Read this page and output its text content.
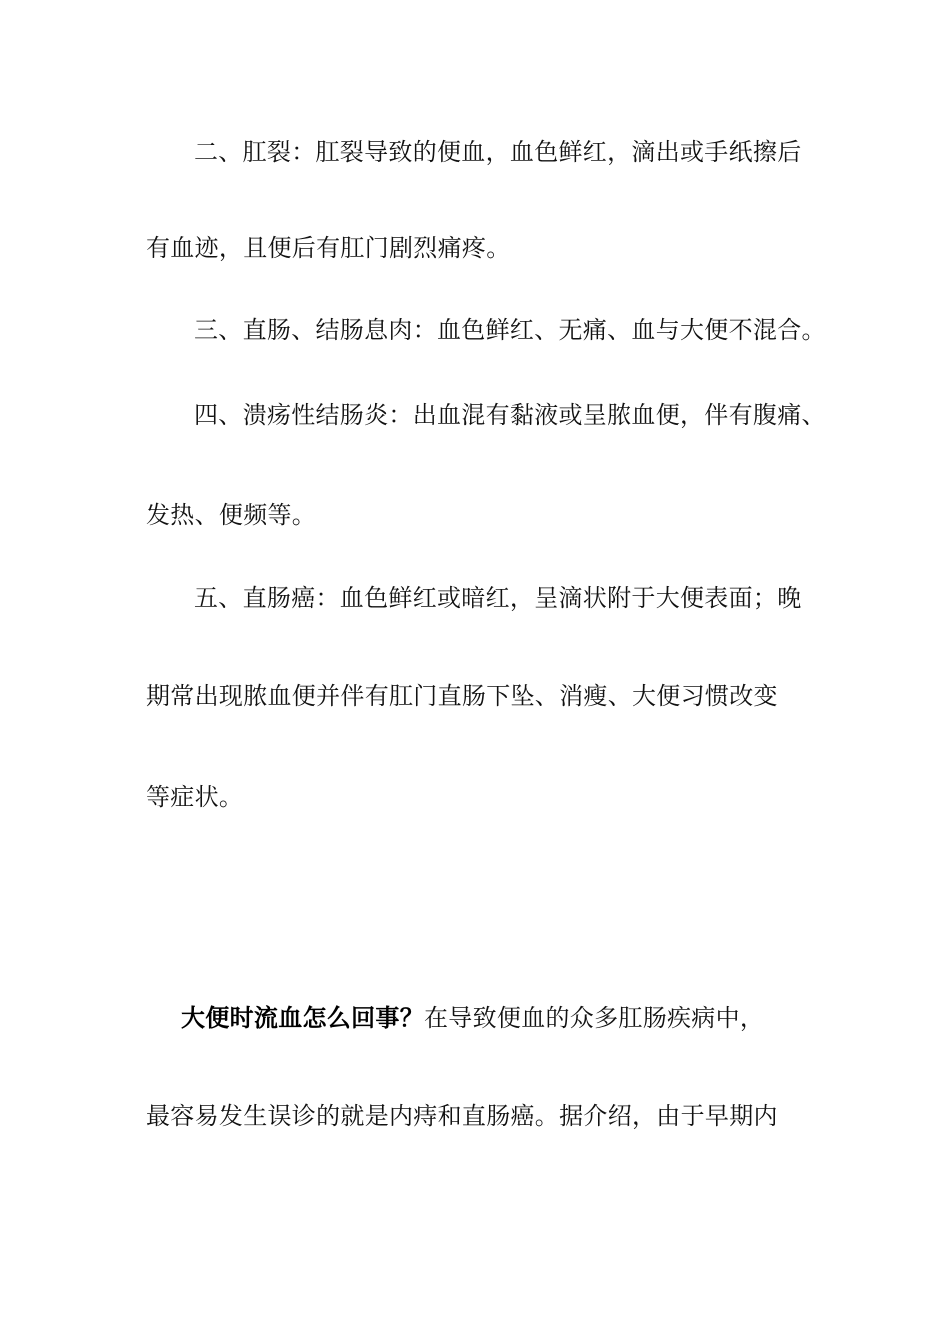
二、肛裂：肛裂导致的便血，血色鲜红，滴出或手纸擦后
有血迹，且便后有肛门剧烈痛疼。
三、直肠、结肠息肉：血色鲜红、无痛、血与大便不混合。
四、溃疡性结肠炎：出血混有黏液或呈脓血便，伴有腹痛、
发热、便频等。
五、直肠癌：血色鲜红或暗红，呈滴状附于大便表面；晚
期常出现脓血便并伴有肛门直肠下坠、消瘦、大便习惯改变
等症状。
大便时流血怎么回事？在导致便血的众多肛肠疾病中，
最容易发生误诊的就是内痔和直肠癌。据介绍，由于早期内
